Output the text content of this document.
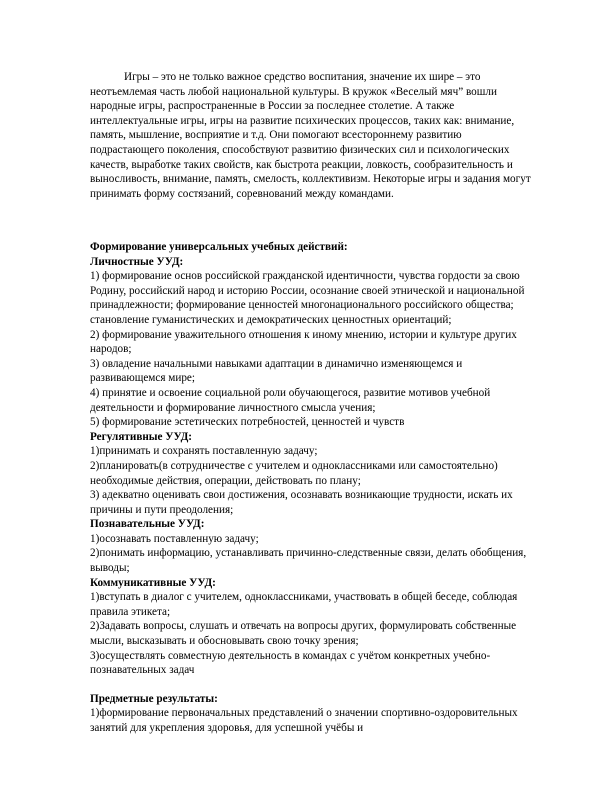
Игры – это не только важное средство воспитания, значение их шире – это неотъемлемая часть любой национальной культуры. В кружок «Веселый мяч” вошли народные игры, распространенные в России за последнее столетие. А также интеллектуальные игры, игры на развитие психических процессов, таких как: внимание, память, мышление, восприятие и т.д. Они помогают всестороннему развитию подрастающего поколения, способствуют развитию физических сил и психологических качеств, выработке таких свойств, как быстрота реакции, ловкость, сообразительность и выносливость, внимание, память, смелость, коллективизм. Некоторые игры и задания могут принимать форму состязаний, соревнований между командами.

Формирование универсальных учебных действий:

Личностные УУД:

1) формирование основ российской гражданской идентичности, чувства гордости за свою Родину, российский народ и историю России, осознание своей этнической и национальной принадлежности; формирование ценностей многонационального российского общества; становление гуманистических и демократических ценностных ориентаций;

2) формирование уважительного отношения к иному мнению, истории и культуре других народов;

3) овладение начальными навыками адаптации в динамично изменяющемся и развивающемся мире;

4) принятие и освоение социальной роли обучающегося, развитие мотивов учебной деятельности и формирование личностного смысла учения;

5) формирование эстетических потребностей, ценностей и чувств

Регулятивные УУД:

1)принимать и сохранять поставленную задачу;

2)планировать(в сотрудничестве с учителем и одноклассниками или самостоятельно) необходимые действия, операции, действовать по плану;

3) адекватно оценивать свои достижения, осознавать возникающие трудности, искать их причины и пути преодоления;

Познавательные УУД:

1)осознавать поставленную задачу;

2)понимать информацию, устанавливать причинно-следственные связи, делать обобщения, выводы;

Коммуникативные УУД:

1)вступать в диалог с учителем, одноклассниками, участвовать в общей беседе, соблюдая правила этикета;

2)Задавать вопросы, слушать и отвечать на вопросы других, формулировать собственные мысли, высказывать и обосновывать свою точку зрения;

3)осуществлять совместную деятельность в командах с учётом конкретных учебно-познавательных задач

Предметные результаты:

1)формирование первоначальных представлений о значении спортивно-оздоровительных занятий для укрепления здоровья, для успешной учёбы и
